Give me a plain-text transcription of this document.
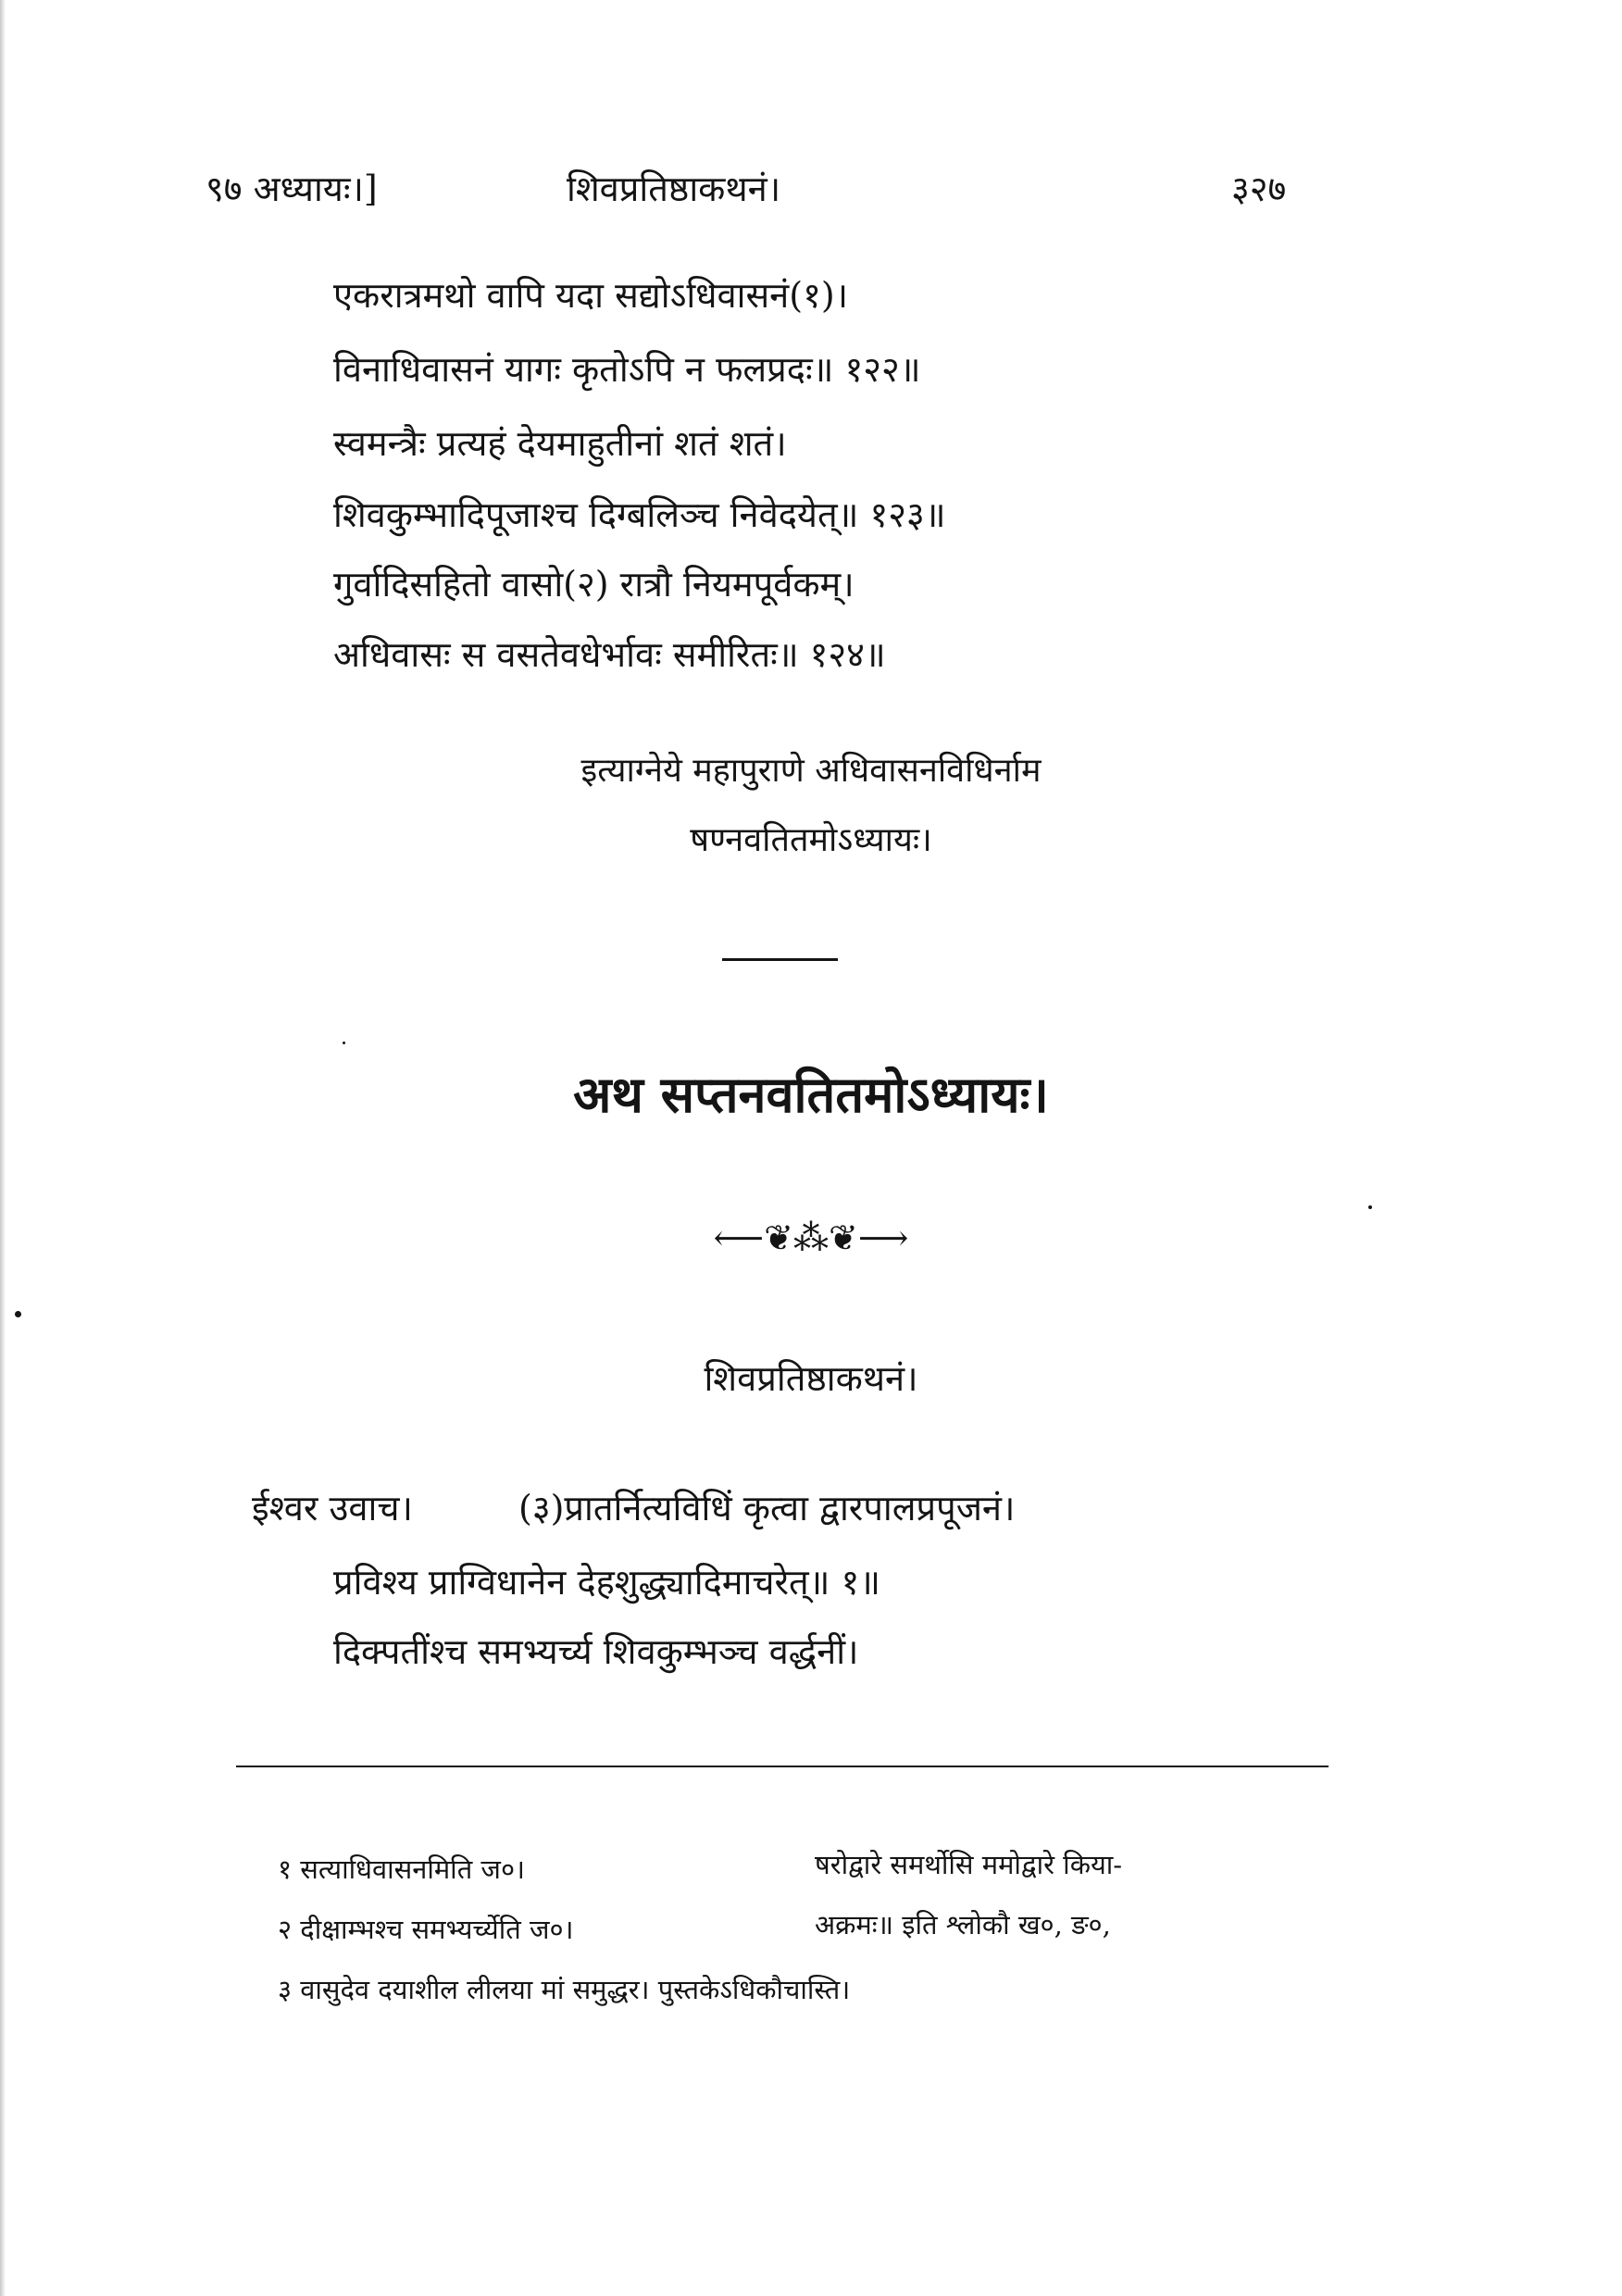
९७ अध्यायः।]	शिवप्रतिष्ठाकथनं।	३२७
एकरात्रमथो वापि यदा सद्योऽधिवासनं(१)।
विनाधिवासनं यागः कृतोऽपि न फलप्रदः॥ १२२॥
स्वमन्त्रैः प्रत्यहं देयमाहुतीनां शतं शतं।
शिवकुम्भादिपूजाश्च दिग्बलिञ्च निवेदयेत्॥ १२३॥
गुर्वादिसहितो वासो(२) रात्रौ नियमपूर्वकम्।
अधिवासः स वसतेवधेर्भावः समीरितः॥ १२४॥
इत्याग्नेये महापुराणे अधिवासनविधिर्नाम
षण्नवतितमोऽध्यायः।
अथ सप्तनवतितमोऽध्यायः।
⟵❦⁂❦⟶
शिवप्रतिष्ठाकथनं।
ईश्वर उवाच।	(३)प्रातर्नित्यविधिं कृत्वा द्वारपालप्रपूजनं।
प्रविश्य प्राग्विधानेन देहशुद्ध्यादिमाचरेत्॥ १॥
दिक्पतींश्च समभ्यर्च्य शिवकुम्भञ्च वर्द्धनीं।
१ सत्याधिवासनमिति ज०।	षरोद्वारे समर्थोसि ममोद्वारे किया-
२ दीक्षाम्भश्च समभ्यर्च्येति ज०।	अक्रमः॥ इति श्लोकौ ख०, ङ०,
३ वासुदेव दयाशील लीलया मां समुद्धर। पुस्तकेऽधिकौचास्ति।
